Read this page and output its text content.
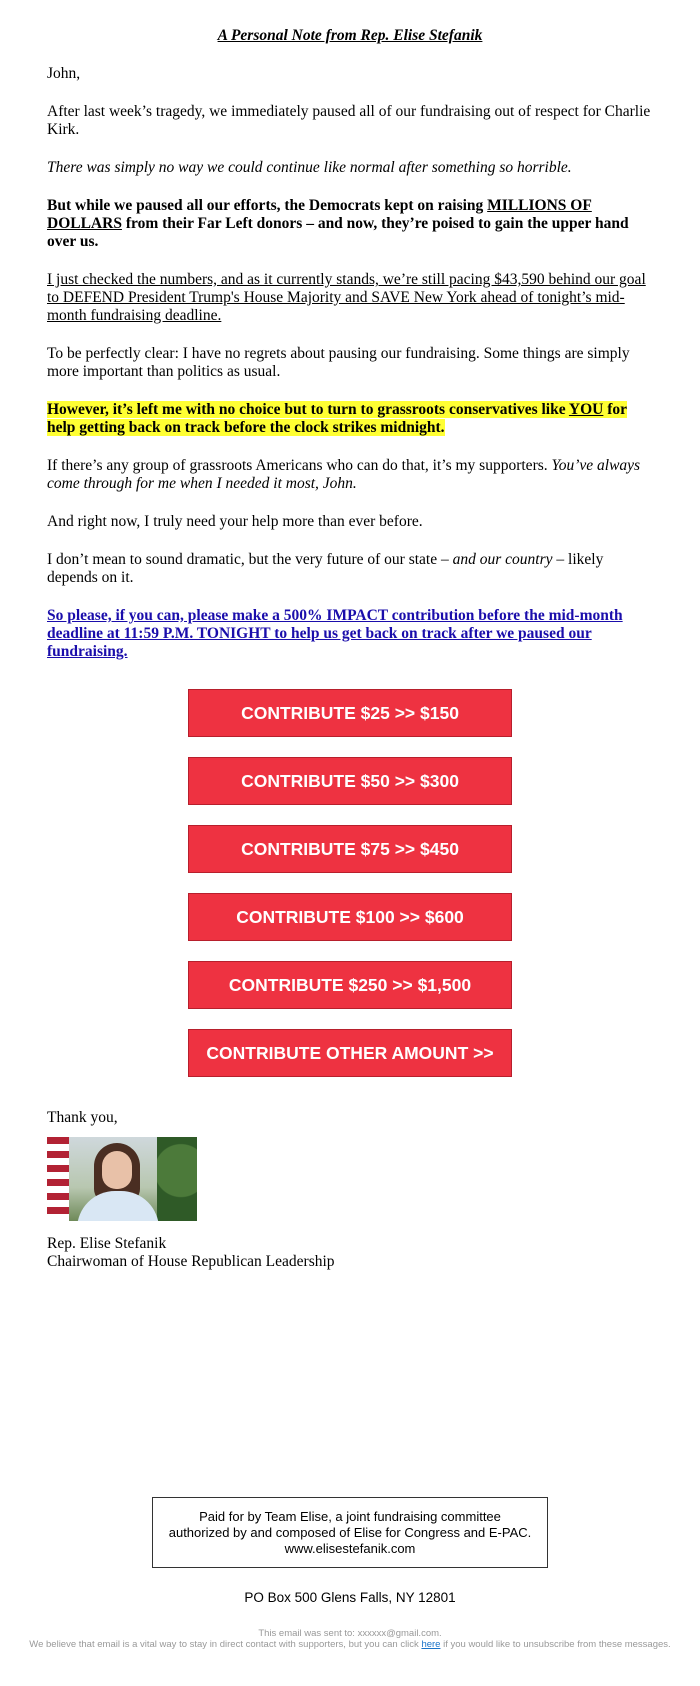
A Personal Note from Rep. Elise Stefanik

John,

After last week’s tragedy, we immediately paused all of our fundraising out of respect for Charlie Kirk.

There was simply no way we could continue like normal after something so horrible.

But while we paused all our efforts, the Democrats kept on raising MILLIONS OF DOLLARS from their Far Left donors – and now, they’re poised to gain the upper hand over us.

I just checked the numbers, and as it currently stands, we’re still pacing $43,590 behind our goal to DEFEND President Trump's House Majority and SAVE New York ahead of tonight’s mid-month fundraising deadline.

To be perfectly clear: I have no regrets about pausing our fundraising. Some things are simply more important than politics as usual.

However, it’s left me with no choice but to turn to grassroots conservatives like YOU for help getting back on track before the clock strikes midnight.

If there’s any group of grassroots Americans who can do that, it’s my supporters. You’ve always come through for me when I needed it most, John.

And right now, I truly need your help more than ever before.

I don’t mean to sound dramatic, but the very future of our state – and our country – likely depends on it.

So please, if you can, please make a 500% IMPACT contribution before the mid-month deadline at 11:59 P.M. TONIGHT to help us get back on track after we paused our fundraising.

CONTRIBUTE $25 >> $150
CONTRIBUTE $50 >> $300
CONTRIBUTE $75 >> $450
CONTRIBUTE $100 >> $600
CONTRIBUTE $250 >> $1,500
CONTRIBUTE OTHER AMOUNT >>

Thank you,

Rep. Elise Stefanik
Chairwoman of House Republican Leadership
Paid for by Team Elise, a joint fundraising committee authorized by and composed of Elise for Congress and E-PAC. www.elisestefanik.com
PO Box 500 Glens Falls, NY 12801
This email was sent to: xxxxxx@gmail.com.
We believe that email is a vital way to stay in direct contact with supporters, but you can click here if you would like to unsubscribe from these messages.
